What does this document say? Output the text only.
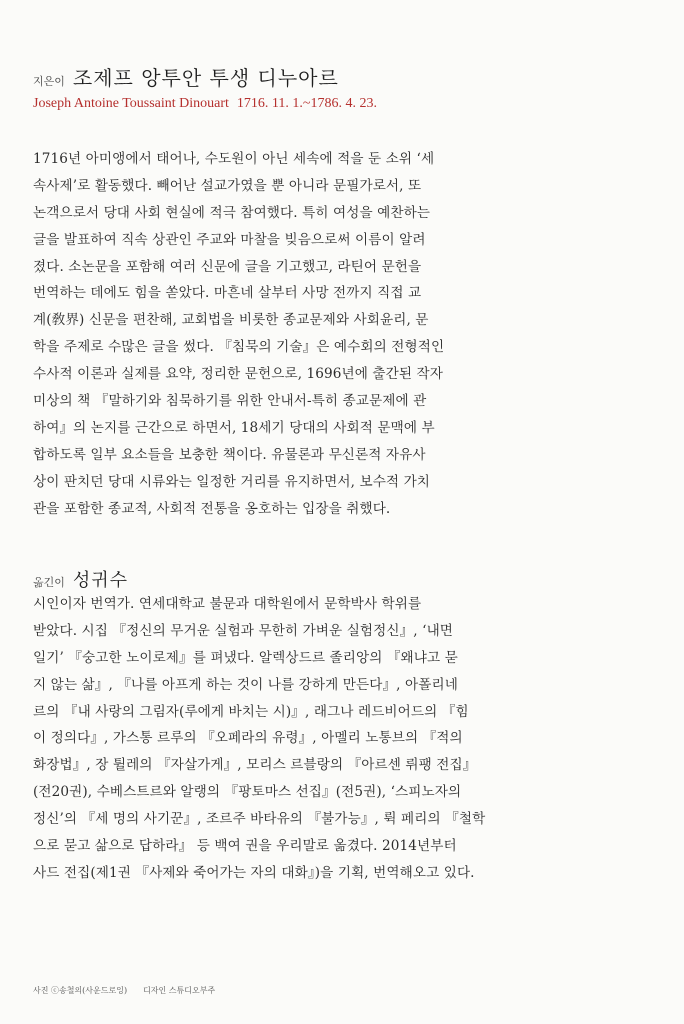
지은이 조제프 앙투안 투생 디누아르
Joseph Antoine Toussaint Dinouart 1716. 11. 1.~1786. 4. 23.
1716년 아미앵에서 태어나, 수도원이 아닌 세속에 적을 둔 소위 ‘세
속사제’로 활동했다. 빼어난 설교가였을 뿐 아니라 문필가로서, 또
논객으로서 당대 사회 현실에 적극 참여했다. 특히 여성을 예찬하는
글을 발표하여 직속 상관인 주교와 마찰을 빚음으로써 이름이 알려
졌다. 소논문을 포함해 여러 신문에 글을 기고했고, 라틴어 문헌을
번역하는 데에도 힘을 쏟았다. 마흔네 살부터 사망 전까지 직접 교
계(敎界) 신문을 편찬해, 교회법을 비롯한 종교문제와 사회윤리, 문
학을 주제로 수많은 글을 썼다. 『침묵의 기술』은 예수회의 전형적인
수사적 이론과 실제를 요약, 정리한 문헌으로, 1696년에 출간된 작자
미상의 책 『말하기와 침묵하기를 위한 안내서-특히 종교문제에 관
하여』의 논지를 근간으로 하면서, 18세기 당대의 사회적 문맥에 부
합하도록 일부 요소들을 보충한 책이다. 유물론과 무신론적 자유사
상이 판치던 당대 시류와는 일정한 거리를 유지하면서, 보수적 가치
관을 포함한 종교적, 사회적 전통을 옹호하는 입장을 취했다.
옮긴이 성귀수
시인이자 번역가. 연세대학교 불문과 대학원에서 문학박사 학위를
받았다. 시집 『정신의 무거운 실험과 무한히 가벼운 실험정신』, ‘내면
일기’ 『숭고한 노이로제』를 펴냈다. 알렉상드르 졸리앙의 『왜냐고 묻
지 않는 삶』, 『나를 아프게 하는 것이 나를 강하게 만든다』, 아폴리네
르의 『내 사랑의 그림자(루에게 바치는 시)』, 래그나 레드비어드의 『힘
이 정의다』, 가스통 르루의 『오페라의 유령』, 아멜리 노통브의 『적의
화장법』, 장 튈레의 『자살가게』, 모리스 르블랑의 『아르센 뤼팽 전집』
(전20권), 수베스트르와 알랭의 『팡토마스 선집』(전5권), ‘스피노자의
정신’의 『세 명의 사기꾼』, 조르주 바타유의 『불가능』, 뤽 페리의 『철학
으로 묻고 삶으로 답하라』 등 백여 권을 우리말로 옮겼다. 2014년부터
사드 전집(제1권 『사제와 죽어가는 자의 대화』)을 기획, 번역해오고 있다.
사진 ⓒ송철의(사운드로잉) 디자인 스튜디오부주
